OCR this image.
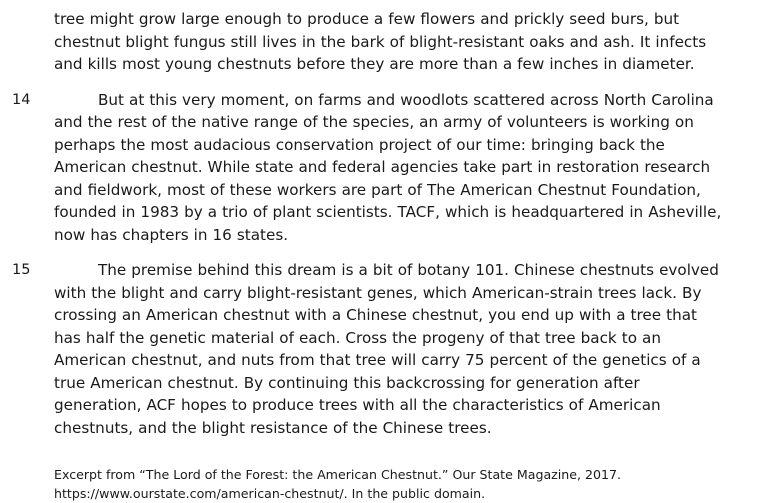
tree might grow large enough to produce a few flowers and prickly seed burs, but chestnut blight fungus still lives in the bark of blight-resistant oaks and ash. It infects and kills most young chestnuts before they are more than a few inches in diameter.
14	But at this very moment, on farms and woodlots scattered across North Carolina and the rest of the native range of the species, an army of volunteers is working on perhaps the most audacious conservation project of our time: bringing back the American chestnut. While state and federal agencies take part in restoration research and fieldwork, most of these workers are part of The American Chestnut Foundation, founded in 1983 by a trio of plant scientists. TACF, which is headquartered in Asheville, now has chapters in 16 states.
15	The premise behind this dream is a bit of botany 101. Chinese chestnuts evolved with the blight and carry blight-resistant genes, which American-strain trees lack. By crossing an American chestnut with a Chinese chestnut, you end up with a tree that has half the genetic material of each. Cross the progeny of that tree back to an American chestnut, and nuts from that tree will carry 75 percent of the genetics of a true American chestnut. By continuing this backcrossing for generation after generation, ACF hopes to produce trees with all the characteristics of American chestnuts, and the blight resistance of the Chinese trees.
Excerpt from “The Lord of the Forest: the American Chestnut.” Our State Magazine, 2017. https://www.ourstate.com/american-chestnut/. In the public domain.
